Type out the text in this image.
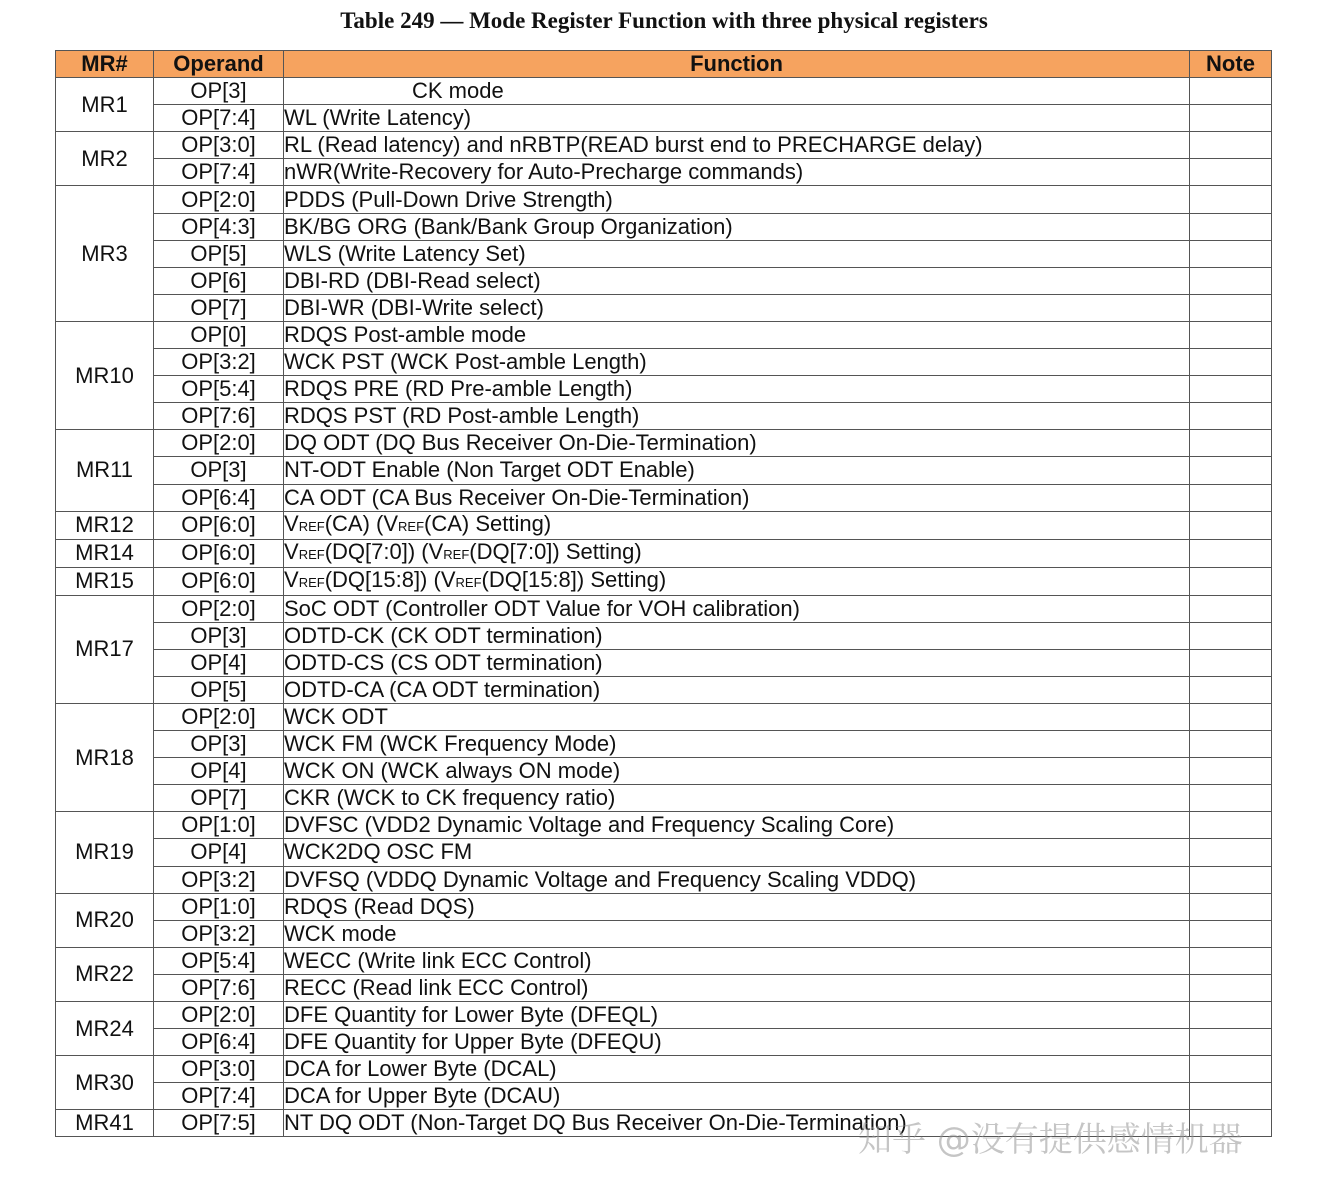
Table 249 — Mode Register Function with three physical registers
MR#	Operand	Function	Note
MR1	OP[3]	CK mode	
	OP[7:4]	WL (Write Latency)	
MR2	OP[3:0]	RL (Read latency) and nRBTP(READ burst end to PRECHARGE delay)	
	OP[7:4]	nWR(Write-Recovery for Auto-Precharge commands)	
MR3	OP[2:0]	PDDS (Pull-Down Drive Strength)	
	OP[4:3]	BK/BG ORG (Bank/Bank Group Organization)	
	OP[5]	WLS (Write Latency Set)	
	OP[6]	DBI-RD (DBI-Read select)	
	OP[7]	DBI-WR (DBI-Write select)	
MR10	OP[0]	RDQS Post-amble mode	
	OP[3:2]	WCK PST (WCK Post-amble Length)	
	OP[5:4]	RDQS PRE (RD Pre-amble Length)	
	OP[7:6]	RDQS PST (RD Post-amble Length)	
MR11	OP[2:0]	DQ ODT (DQ Bus Receiver On-Die-Termination)	
	OP[3]	NT-ODT Enable (Non Target ODT Enable)	
	OP[6:4]	CA ODT (CA Bus Receiver On-Die-Termination)	
MR12	OP[6:0]	VREF(CA) (VREF(CA) Setting)	
MR14	OP[6:0]	VREF(DQ[7:0]) (VREF(DQ[7:0]) Setting)	
MR15	OP[6:0]	VREF(DQ[15:8]) (VREF(DQ[15:8]) Setting)	
MR17	OP[2:0]	SoC ODT (Controller ODT Value for VOH calibration)	
	OP[3]	ODTD-CK (CK ODT termination)	
	OP[4]	ODTD-CS (CS ODT termination)	
	OP[5]	ODTD-CA (CA ODT termination)	
MR18	OP[2:0]	WCK ODT	
	OP[3]	WCK FM (WCK Frequency Mode)	
	OP[4]	WCK ON (WCK always ON mode)	
	OP[7]	CKR (WCK to CK frequency ratio)	
MR19	OP[1:0]	DVFSC (VDD2 Dynamic Voltage and Frequency Scaling Core)	
	OP[4]	WCK2DQ OSC FM	
	OP[3:2]	DVFSQ (VDDQ Dynamic Voltage and Frequency Scaling VDDQ)	
MR20	OP[1:0]	RDQS (Read DQS)	
	OP[3:2]	WCK mode	
MR22	OP[5:4]	WECC (Write link ECC Control)	
	OP[7:6]	RECC (Read link ECC Control)	
MR24	OP[2:0]	DFE Quantity for Lower Byte (DFEQL)	
	OP[6:4]	DFE Quantity for Upper Byte (DFEQU)	
MR30	OP[3:0]	DCA for Lower Byte (DCAL)	
	OP[7:4]	DCA for Upper Byte (DCAU)	
MR41	OP[7:5]	NT DQ ODT (Non-Target DQ Bus Receiver On-Die-Termination)	
知乎 @没有提供感情机器
